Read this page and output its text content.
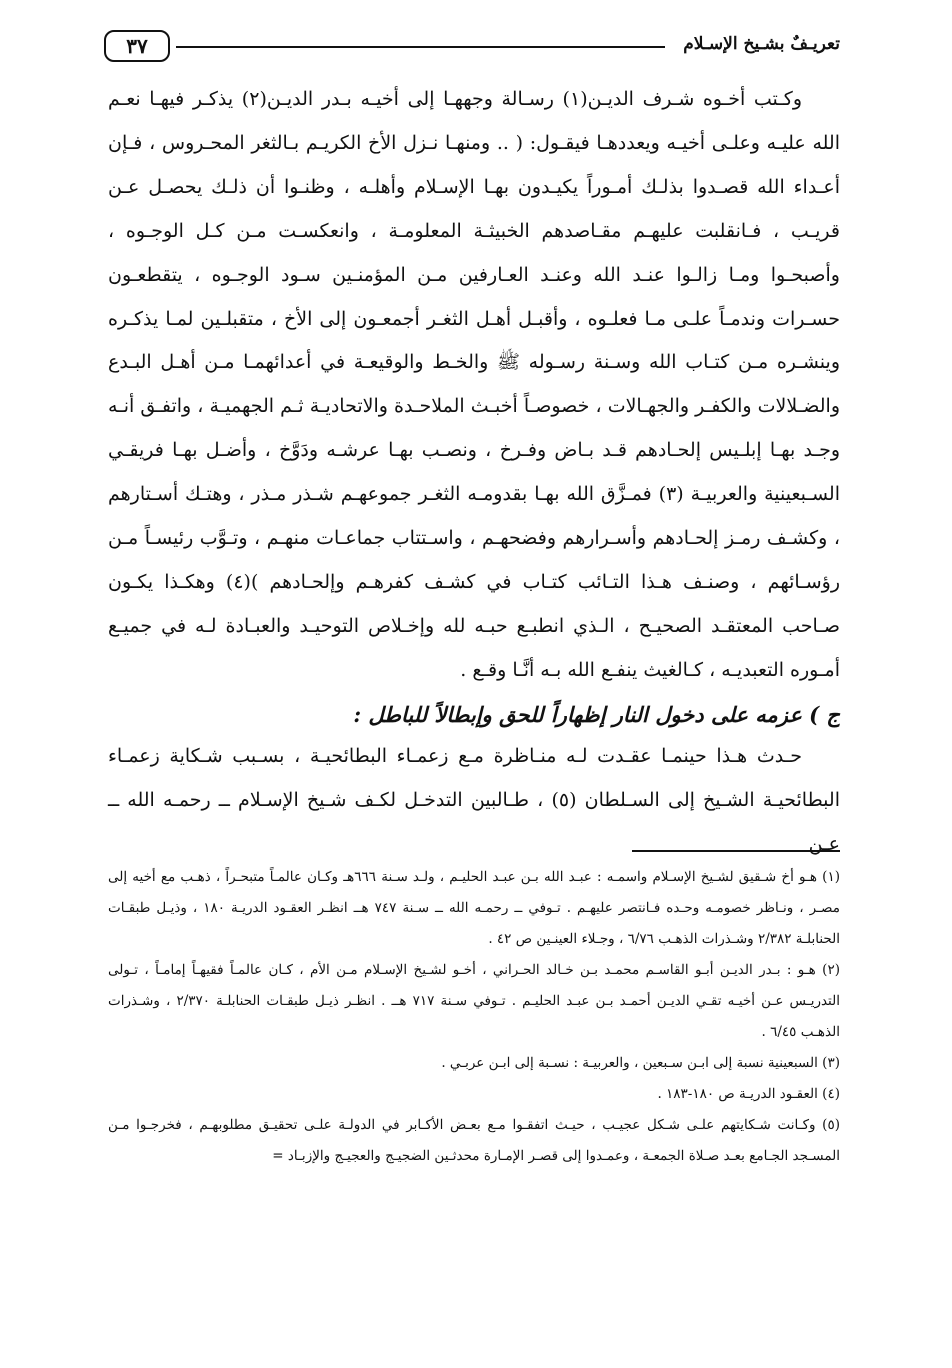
تعريـفٌ بشـيخ الإسـلام
٣٧

وكـتب أخـوه شـرف الديـن(١) رسـالة وجههـا إلى أخيـه بـدر الديـن(٢) يذكـر فيهـا نعـم الله عليـه وعلـى أخيـه ويعددهـا فيقـول: ( .. ومنهـا نـزل الأخ الكريـم بـالثغر المحـروس ، فـإن أعـداء الله قصـدوا بذلـك أمـوراً يكيـدون بهـا الإسـلام وأهلـه ، وظنـوا أن ذلـك يحصـل عـن قريـب ، فـانقلبت عليهـم مقـاصدهم الخبيثـة المعلومـة ، وانعكسـت مـن كـل الوجـوه ، وأصبحـوا ومـا زالـوا عنـد الله وعنـد العـارفين مـن المؤمنـين سـود الوجـوه ، يتقطعـون حسـرات وندمـاً علـى مـا فعلـوه ، وأقبـل أهـل الثغـر أجمعـون إلى الأخ ، متقبلـين لمـا يذكـره وينشـره مـن كتـاب الله وسـنة رسـوله ﷺ والخـط والوقيعـة في أعدائهمـا مـن أهـل البـدع والضـلالات والكفـر والجهـالات ، خصوصـاً أخبـث الملاحـدة والاتحاديـة ثـم الجهميـة ، واتفـق أنـه وجـد بهـا إبلـيس إلحـادهم قـد بـاض وفـرخ ، ونصـب بهـا عرشـه ودَوَّخ ، وأضـل بهـا فريقـي السـبعينية والعربيـة (٣) فمـزَّق الله بهـا بقدومـه الثغـر جموعهـم شـذر مـذر ، وهتـك أسـتارهم ، وكشـف رمـز إلحـادهم وأسـرارهم وفضحهـم ، واسـتتاب جماعـات منهـم ، وتـوَّب رئيسـاً مـن رؤسـائهم ، وصنـف هـذا التـائب كتـاب في كشـف كفرهـم وإلحـادهم )(٤) وهكـذا يكـون صـاحب المعتقـد الصحيـح ، الـذي انطبـع حبـه لله وإخـلاص التوحيـد والعبـادة لـه في جميـع أمـوره التعبديـه ، كـالغيث ينفـع الله بـه أنَّـا وقـع .

ج ) عزمه على دخول النار إظهاراً للحق وإبطالاً للباطل :

حـدث هـذا حينمـا عقـدت لـه منـاظرة مـع زعمـاء البطائحيـة ، بسـبب شـكاية زعمـاء البطائحيـة الشـيخ إلى السـلطان (٥) ، طـالبين التدخـل لكـف شـيخ الإسـلام ــ رحمـه الله ــ عـن

(١) هـو أخ شـقيق لشـيخ الإسـلام واسمـه : عبـد الله بـن عبـد الحليـم ، ولـد سـنة ٦٦٦هـ وكـان عالمـاً متبحـراً ، ذهـب مع أخيه إلى مصـر ، ونـاظر خصومـه وحـده فـانتصر عليهـم . تـوفي ــ رحمـه الله ــ سـنة ٧٤٧ هــ انظـر العقـود الدريـة ١٨٠ ، وذيـل طبقـات الحنابلـة ٢/٣٨٢ وشـذرات الذهـب ٦/٧٦ ، وجـلاء العينـين ص ٤٢ .

(٢) هـو : بـدر الديـن أبـو القاسـم محمـد بـن خـالد الحـراني ، أخـو لشـيخ الإسـلام مـن الأم ، كـان عالمـاً فقيهـاً إمامـاً ، تـولى التدريـس عـن أخيـه تقـي الديـن أحمـد بـن عبـد الحليـم . تـوفي سـنة ٧١٧ هــ . انظـر ذيـل طبقـات الحنابلـة ٢/٣٧٠ ، وشـذرات الذهـب ٦/٤٥ .

(٣) السبعينية نسبة إلى ابـن سـبعين ، والعربيـة : نسـبة إلى ابـن عربـي .

(٤) العقـود الدريـة ص ١٨٠-١٨٣ .

(٥) وكـانت شـكايتهم علـى شـكل عجيـب ، حيـث اتفقـوا مـع بعـض الأكـابر في الدولـة علـى تحقيـق مطلوبهـم ، فخرجـوا مـن المسـجد الجـامع بعـد صـلاة الجمعـة ، وعمـدوا إلى قصـر الإمـارة محدثـين الضجيـج والعجيـج والإزبـاد =
